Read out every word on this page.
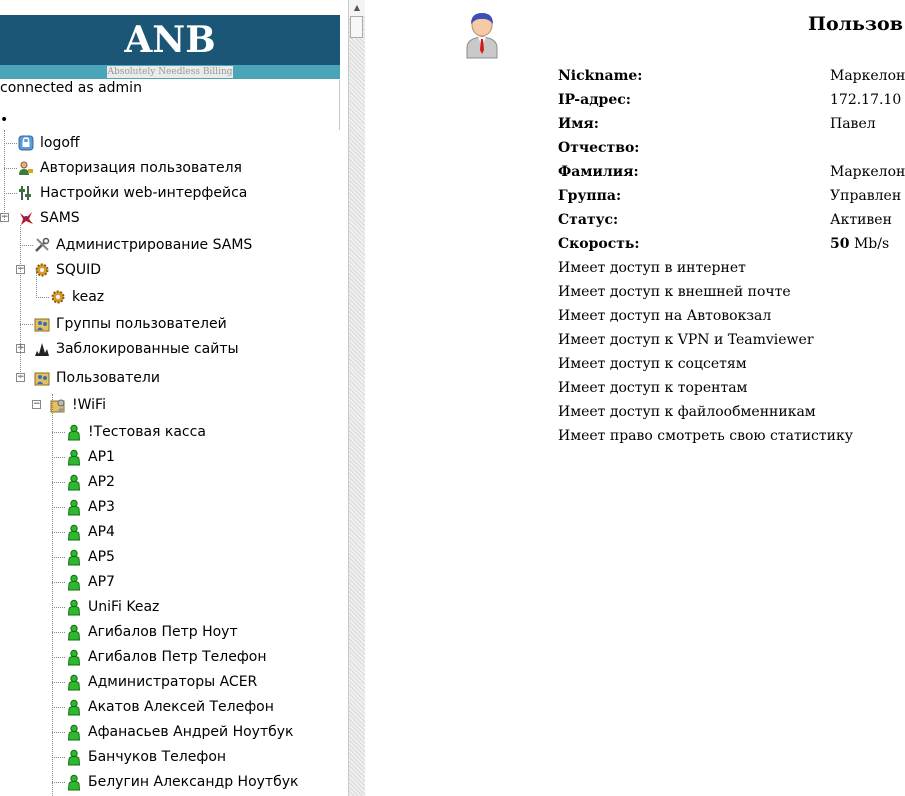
ANB
Absolutely Needless Billing
connected as admin
•
logoff
Авторизация пользователя
Настройки web-интерфейса
− SAMS
Администрирование SAMS
− SQUID
keaz
Группы пользователей
+ Заблокированные сайты
− Пользователи
− !WiFi
!Тестовая касса
AP1
AP2
AP3
AP4
AP5
AP7
UniFi Keaz
Агибалов Петр Ноут
Агибалов Петр Телефон
Администраторы ACER
Акатов Алексей Телефон
Афанасьев Андрей Ноутбук
Банчуков Телефон
Белугин Александр Ноутбук
▲
Пользов
Nickname:	Маркелон
IP-адрес:	172.17.10
Имя:	Павел
Отчество:
Фамилия:	Маркелон
Группа:	Управлен
Статус:	Активен
Скорость:	50 Mb/s
Имеет доступ в интернет
Имеет доступ к внешней почте
Имеет доступ на Автовокзал
Имеет доступ к VPN и Teamviewer
Имеет доступ к соцсетям
Имеет доступ к торентам
Имеет доступ к файлообменникам
Имеет право смотреть свою статистику
